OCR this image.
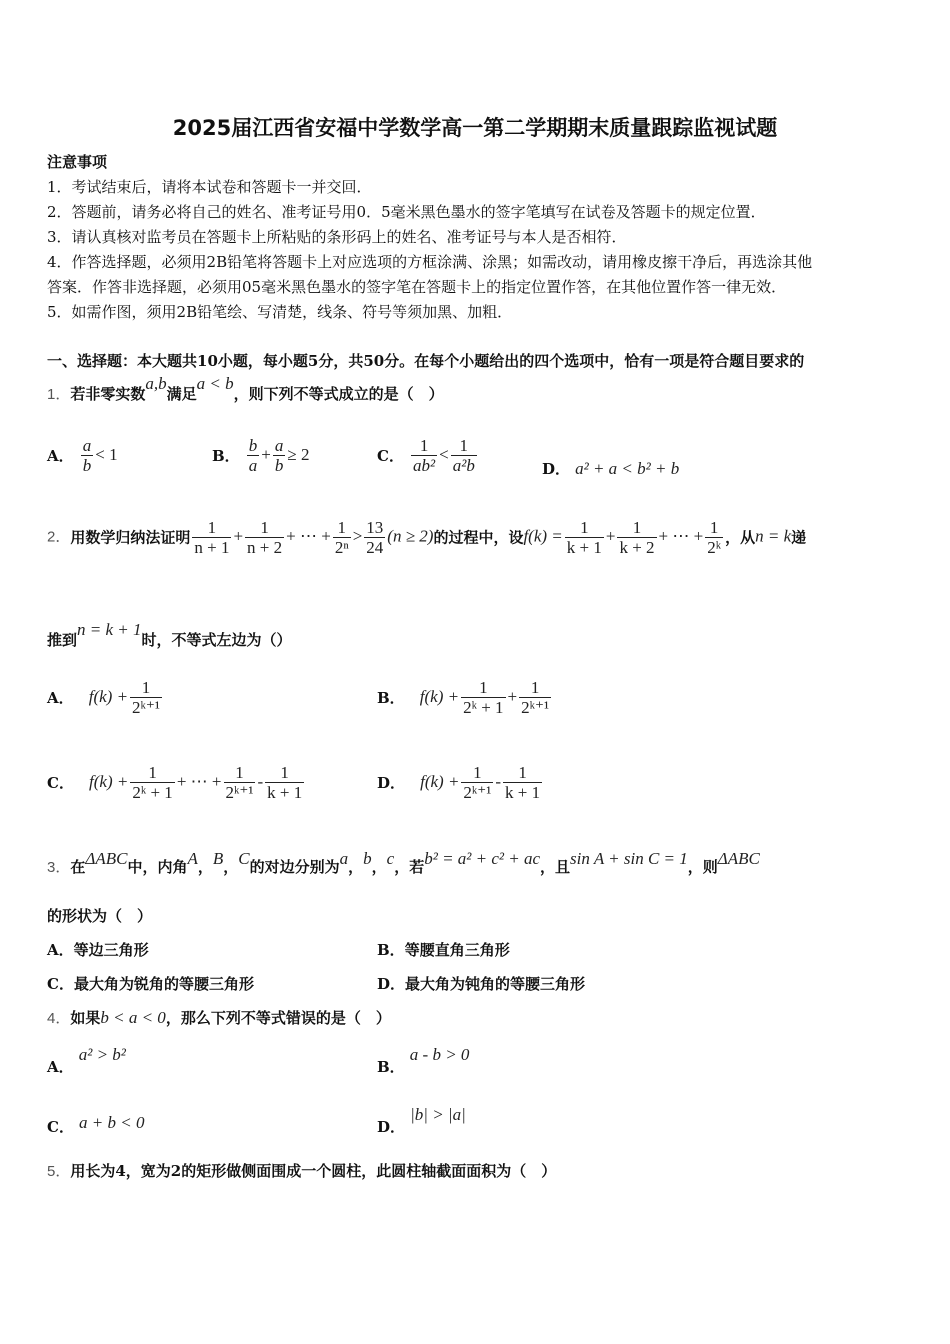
2025届江西省安福中学数学高一第二学期期末质量跟踪监视试题
注意事项
1．考试结束后，请将本试卷和答题卡一并交回．
2．答题前，请务必将自己的姓名、准考证号用0．5毫米黑色墨水的签字笔填写在试卷及答题卡的规定位置．
3．请认真核对监考员在答题卡上所粘贴的条形码上的姓名、准考证号与本人是否相符．
4．作答选择题，必须用2B铅笔将答题卡上对应选项的方框涂满、涂黑；如需改动，请用橡皮擦干净后，再选涂其他
答案．作答非选择题，必须用05毫米黑色墨水的签字笔在答题卡上的指定位置作答，在其他位置作答一律无效．
5．如需作图，须用2B铅笔绘、写清楚，线条、符号等须加黑、加粗．
一、选择题：本大题共10小题，每小题5分，共50分。在每个小题给出的四个选项中，恰有一项是符合题目要求的
1．若非零实数a,b满足a < b，则下列不等式成立的是（　）
A． $\frac{a}{b} < 1$	B． $\frac{b}{a} + \frac{a}{b} \ge 2$	C． $\frac{1}{\text{ab²}} < \frac{1}{\text{a²b}}$	D． a² + a < b² + b
2．用数学归纳法证明 $\frac{1}{n + 1} + \frac{1}{n + 2}$ + ⋯ + $\frac{1}{\text{2ⁿ}} > \frac{13}{24} (n \ge 2)$的过程中，设$f(k) = \frac{1}{k + 1} + \frac{1}{k + 2}$ + ⋯ + $\frac{1}{\text{2ᵏ}}$ ，从n = k递
推到n = k + 1时，不等式左边为（）
A． $f(k) + \frac{1}{\text{2ᵏ⁺¹}}$	B． $f(k) + \frac{1}{\text{2ᵏ + 1}} + \frac{1}{\text{2ᵏ⁺¹}}$
C． $f(k) + \frac{1}{\text{2ᵏ + 1}}$ + ⋯ + $\frac{1}{\text{2ᵏ⁺¹}} - \frac{1}{k + 1}$	D． $f(k) + \frac{1}{\text{2ᵏ⁺¹}} - \frac{1}{k + 1}$
3．在ΔABC中，内角A，B，C的对边分别为a，b，c，若b² = a² + c² + ac，且sin A + sin C = 1，则ΔABC
的形状为（　）
A．等边三角形	B．等腰直角三角形
C．最大角为锐角的等腰三角形	D．最大角为钝角的等腰三角形
4．如果b < a < 0，那么下列不等式错误的是（　）
A． a² > b²
B． a - b > 0
C． a + b < 0	D． |b| > |a|
5．用长为4，宽为2的矩形做侧面围成一个圆柱，此圆柱轴截面面积为（　）
